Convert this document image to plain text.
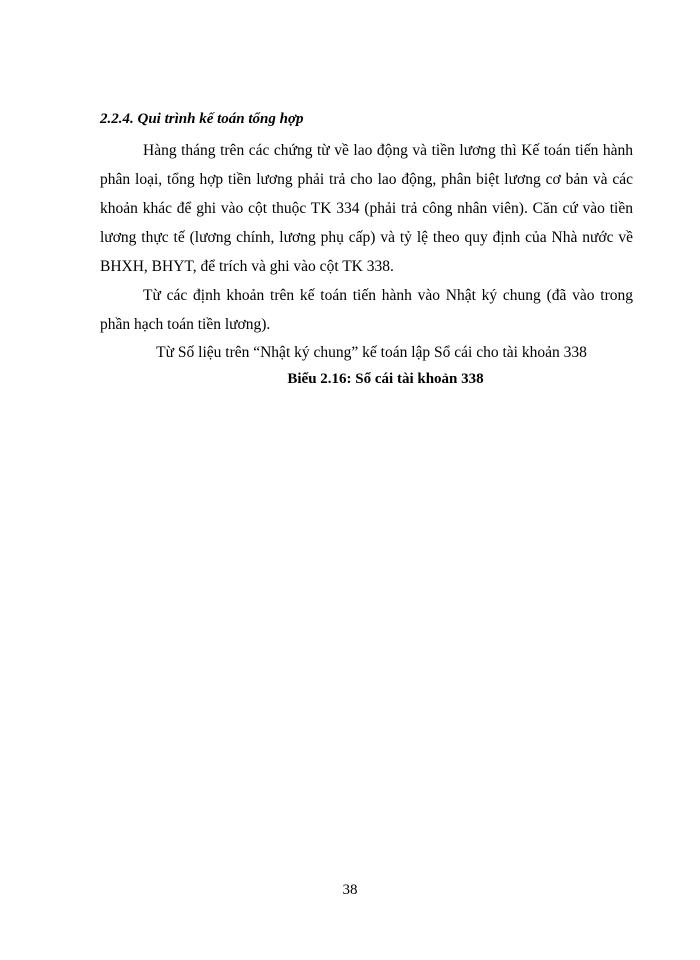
2.2.4. Qui trình kế toán tổng hợp

Hàng tháng trên các chứng từ về lao động và tiền lương thì Kế toán tiến hành phân loại, tổng hợp tiền lương phải trả cho lao động, phân biệt lương cơ bản và các khoản khác để ghi vào cột thuộc TK 334 (phải trả công nhân viên). Căn cứ vào tiền lương thực tế (lương chính, lương phụ cấp) và tỷ lệ theo quy định của Nhà nước về BHXH, BHYT, để trích và ghi vào cột TK 338.

Từ các định khoản trên kế toán tiến hành vào Nhật ký chung (đã vào trong phần hạch toán tiền lương).

Từ Số liệu trên “Nhật ký chung” kế toán lập Sổ cái cho tài khoản 338

Biểu 2.16: Sổ cái tài khoản 338

38
